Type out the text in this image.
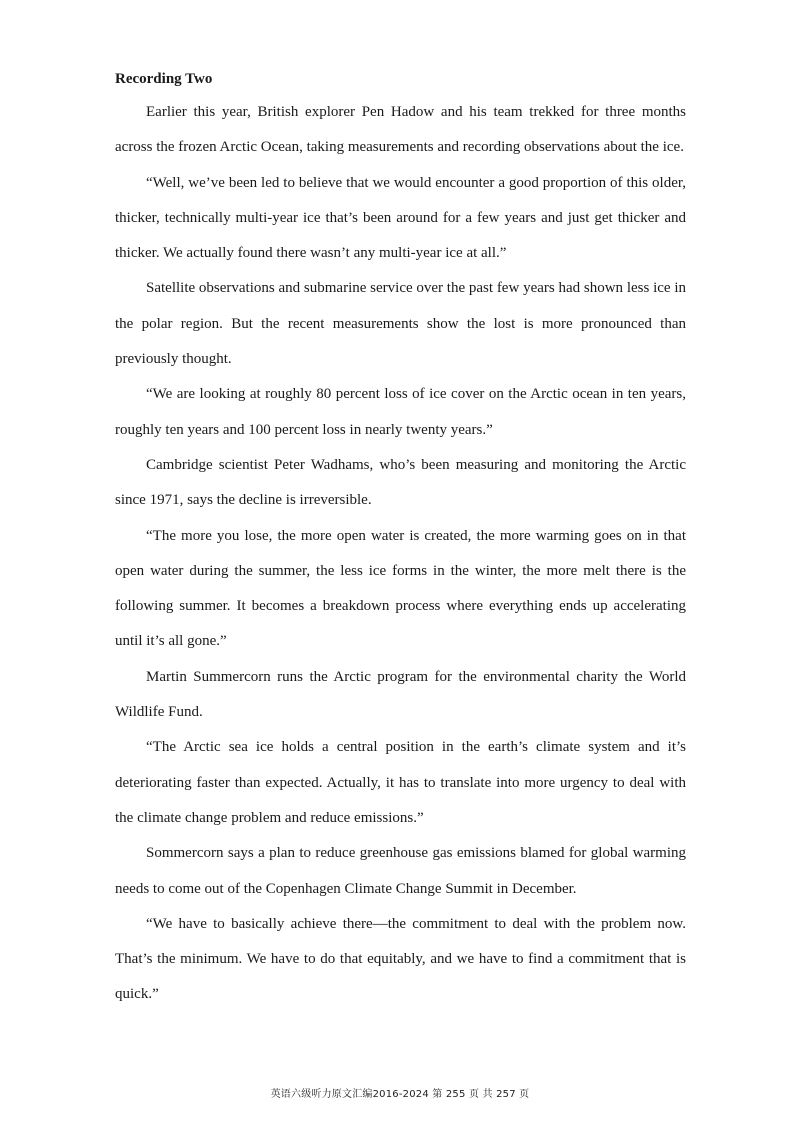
Recording Two

Earlier this year, British explorer Pen Hadow and his team trekked for three months across the frozen Arctic Ocean, taking measurements and recording observations about the ice.

“Well, we’ve been led to believe that we would encounter a good proportion of this older, thicker, technically multi-year ice that’s been around for a few years and just get thicker and thicker. We actually found there wasn’t any multi-year ice at all.”

Satellite observations and submarine service over the past few years had shown less ice in the polar region. But the recent measurements show the lost is more pronounced than previously thought.

“We are looking at roughly 80 percent loss of ice cover on the Arctic ocean in ten years, roughly ten years and 100 percent loss in nearly twenty years.”

Cambridge scientist Peter Wadhams, who’s been measuring and monitoring the Arctic since 1971, says the decline is irreversible.

“The more you lose, the more open water is created, the more warming goes on in that open water during the summer, the less ice forms in the winter, the more melt there is the following summer. It becomes a breakdown process where everything ends up accelerating until it’s all gone.”

Martin Summercorn runs the Arctic program for the environmental charity the World Wildlife Fund.

“The Arctic sea ice holds a central position in the earth’s climate system and it’s deteriorating faster than expected. Actually, it has to translate into more urgency to deal with the climate change problem and reduce emissions.”

Sommercorn says a plan to reduce greenhouse gas emissions blamed for global warming needs to come out of the Copenhagen Climate Change Summit in December.

“We have to basically achieve there—the commitment to deal with the problem now. That’s the minimum. We have to do that equitably, and we have to find a commitment that is quick.”

英语六级听力原文汇编2016-2024 第 255 页 共 257 页
